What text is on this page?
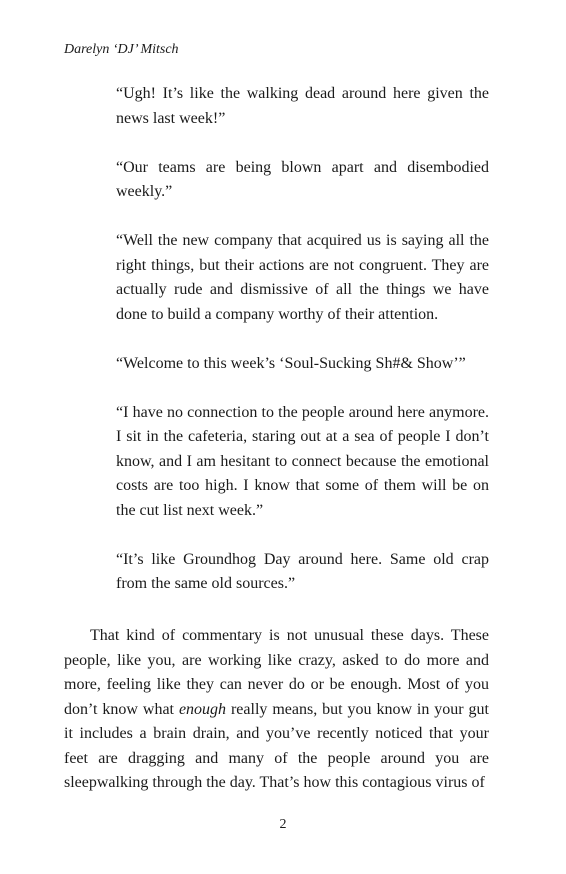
Darelyn ‘DJ’ Mitsch

“Ugh! It’s like the walking dead around here given the news last week!”

“Our teams are being blown apart and disembodied weekly.”

“Well the new company that acquired us is saying all the right things, but their actions are not congruent. They are actually rude and dismissive of all the things we have done to build a company worthy of their attention.

“Welcome to this week’s ‘Soul-Sucking Sh#& Show’”

“I have no connection to the people around here anymore. I sit in the cafeteria, staring out at a sea of people I don’t know, and I am hesitant to connect because the emotional costs are too high. I know that some of them will be on the cut list next week.”

“It’s like Groundhog Day around here. Same old crap from the same old sources.”

That kind of commentary is not unusual these days. These people, like you, are working like crazy, asked to do more and more, feeling like they can never do or be enough. Most of you don’t know what enough really means, but you know in your gut it includes a brain drain, and you’ve recently noticed that your feet are dragging and many of the people around you are sleepwalking through the day. That’s how this contagious virus of

2
